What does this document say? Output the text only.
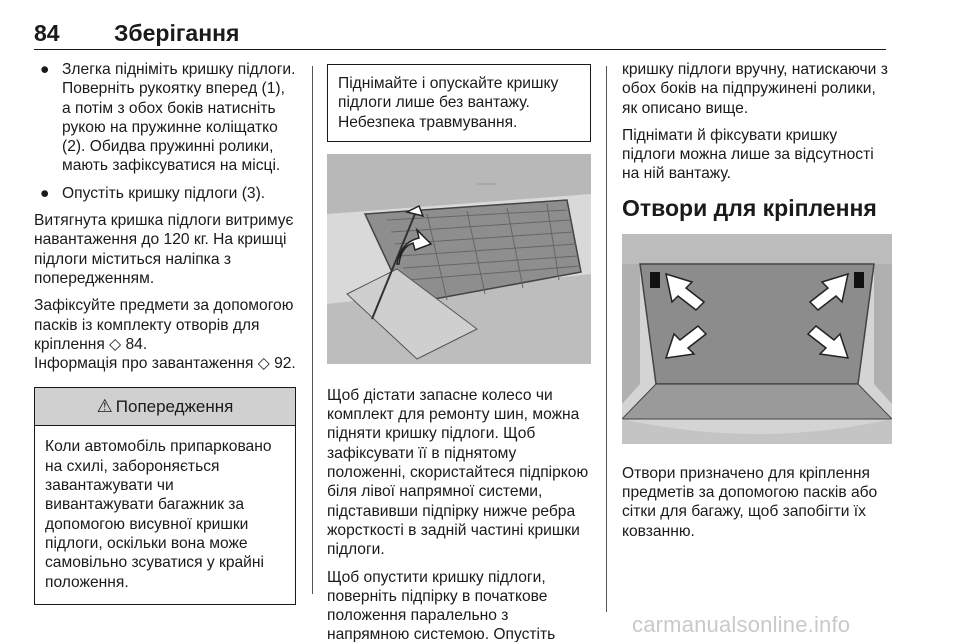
84 Зберігання
● Злегка підніміть кришку підлоги. Поверніть рукоятку вперед (1), а потім з обох боків натисніть рукою на пружинне коліщатко (2). Обидва пружинні ролики, мають зафіксуватися на місці.
● Опустіть кришку підлоги (3).

Витягнута кришка підлоги витримує навантаження до 120 кг. На кришці підлоги міститься наліпка з попередженням.

Зафіксуйте предмети за допомогою пасків із комплекту отворів для кріплення ◇ 84.

Інформація про завантаження ◇ 92.

⚠ Попередження
Коли автомобіль припарковано на схилі, забороняється завантажувати чи вивантажувати багажник за допомогою висувної кришки підлоги, оскільки вона може самовільно зсуватися у крайні положення.
Піднімайте і опускайте кришку підлоги лише без вантажу. Небезпека травмування.

Щоб дістати запасне колесо чи комплект для ремонту шин, можна підняти кришку підлоги. Щоб зафіксувати її в піднятому положенні, скористайтеся підпіркою біля лівої напрямної системи, підставивши підпірку нижче ребра жорсткості в задній частині кришки підлоги.

Щоб опустити кришку підлоги, поверніть підпірку в початкове положення паралельно з напрямною системою. Опустіть

кришку підлоги вручну, натискаючи з обох боків на підпружинені ролики, як описано вище.

Піднімати й фіксувати кришку підлоги можна лише за відсутності на ній вантажу.

Отвори для кріплення

Отвори призначено для кріплення предметів за допомогою пасків або сітки для багажу, щоб запобігти їх ковзанню.

carmanualsonline.info
